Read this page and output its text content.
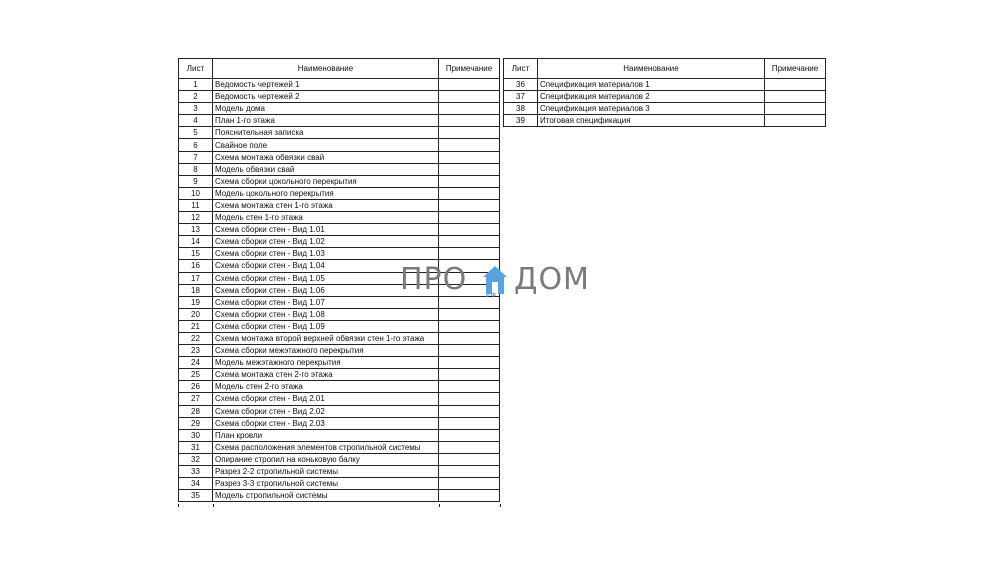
Лист	Наименование	Примечание
1	Ведомость чертежей 1	
2	Ведомость чертежей 2	
3	Модель дома	
4	План 1-го этажа	
5	Пояснительная записка	
6	Свайное поле	
7	Схема монтажа обвязки свай	
8	Модель обвязки свай	
9	Схема сборки цокольного перекрытия	
10	Модель цокольного перекрытия	
11	Схема монтажа стен 1-го этажа	
12	Модель стен 1-го этажа	
13	Схема сборки стен - Вид 1.01	
14	Схема сборки стен - Вид 1.02	
15	Схема сборки стен - Вид 1.03	
16	Схема сборки стен - Вид 1.04	
17	Схема сборки стен - Вид 1.05	
18	Схема сборки стен - Вид 1.06	
19	Схема сборки стен - Вид 1.07	
20	Схема сборки стен - Вид 1.08	
21	Схема сборки стен - Вид 1.09	
22	Схема монтажа второй верхней обвязки стен 1-го этажа	
23	Схема сборки межэтажного перекрытия	
24	Модель межэтажного перекрытия	
25	Схема монтажа стен 2-го этажа	
26	Модель стен 2-го этажа	
27	Схема сборки стен - Вид 2.01	
28	Схема сборки стен - Вид 2.02	
29	Схема сборки стен - Вид 2.03	
30	План кровли	
31	Схема расположения элементов стропильной системы	
32	Опирание стропил на коньковую балку	
33	Разрез 2-2 стропильной системы	
34	Разрез 3-3 стропильной системы	
35	Модель стропильной системы	
Лист	Наименование	Примечание
36	Спецификация материалов 1	
37	Спецификация материалов 2	
38	Спецификация материалов 3	
39	Итоговая спецификация	
ПРО	РФ ДОМ
